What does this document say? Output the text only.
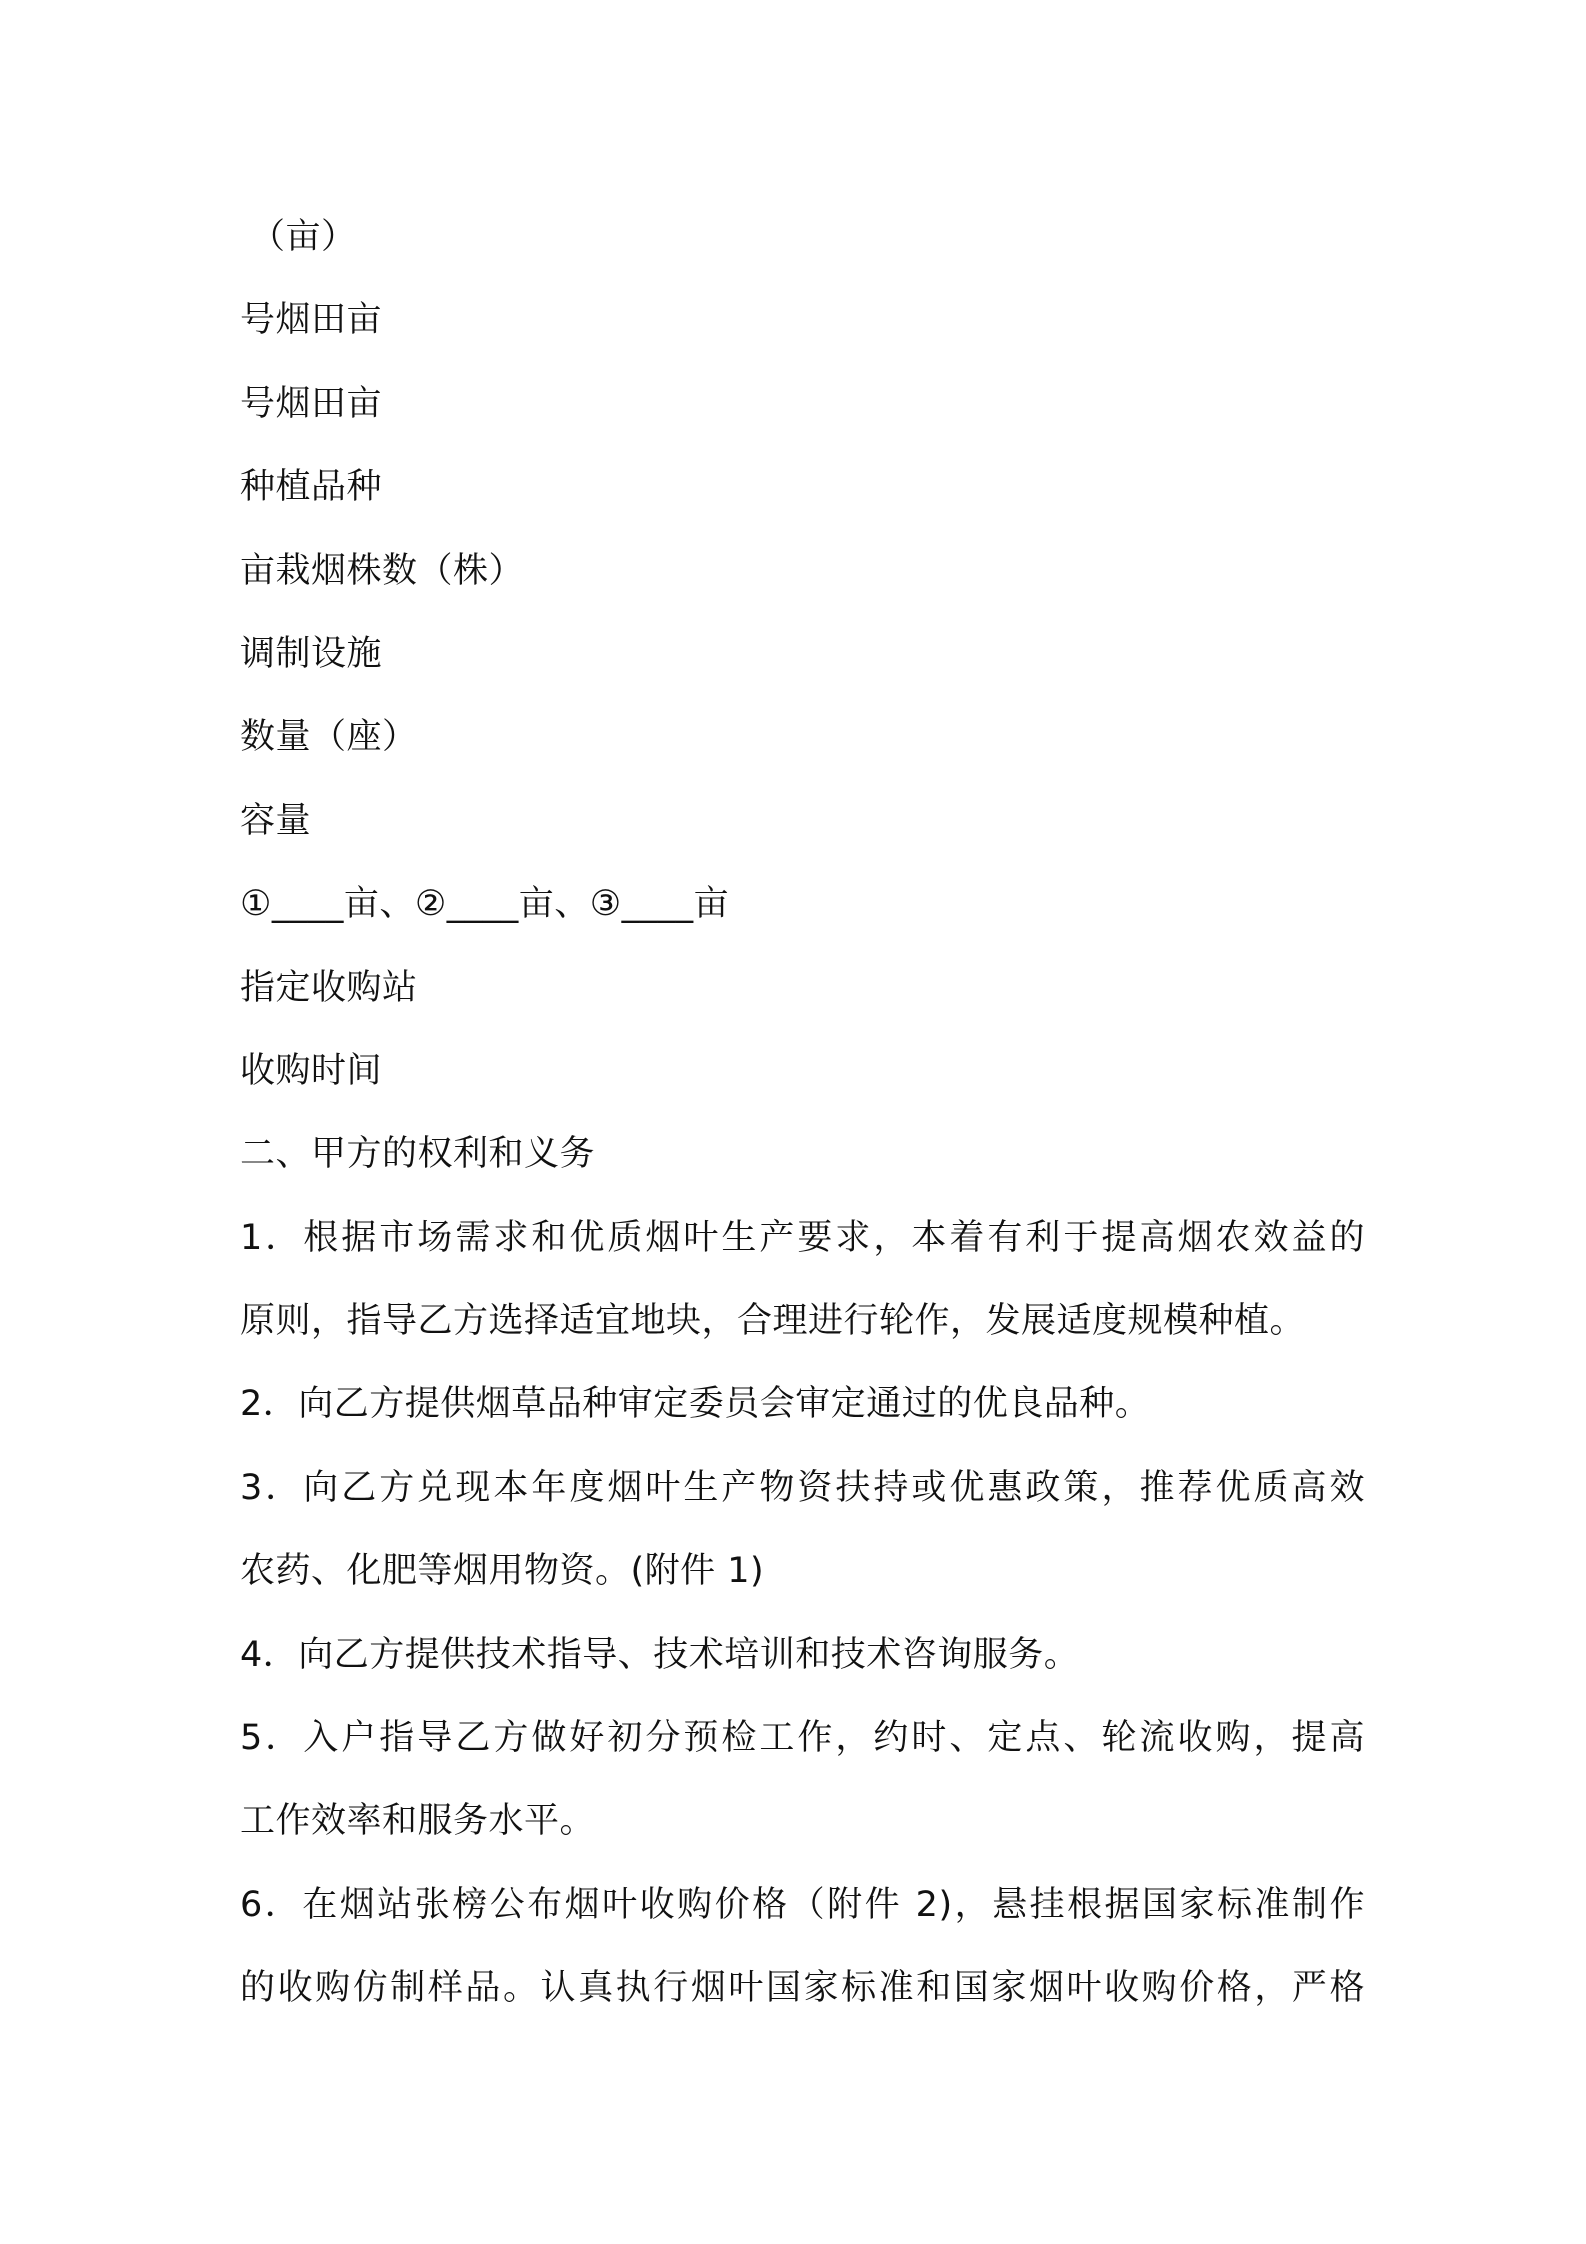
（亩）
号烟田亩
号烟田亩
种植品种
亩栽烟株数（株）
调制设施
数量（座）
容量
①____亩、②____亩、③____亩
指定收购站
收购时间
二、甲方的权利和义务
1．根据市场需求和优质烟叶生产要求，本着有利于提高烟农效益的
原则，指导乙方选择适宜地块，合理进行轮作，发展适度规模种植。
2．向乙方提供烟草品种审定委员会审定通过的优良品种。
3．向乙方兑现本年度烟叶生产物资扶持或优惠政策，推荐优质高效
农药、化肥等烟用物资。(附件 1)
4．向乙方提供技术指导、技术培训和技术咨询服务。
5．入户指导乙方做好初分预检工作，约时、定点、轮流收购，提高
工作效率和服务水平。
6．在烟站张榜公布烟叶收购价格（附件 2)，悬挂根据国家标准制作
的收购仿制样品。认真执行烟叶国家标准和国家烟叶收购价格，严格
